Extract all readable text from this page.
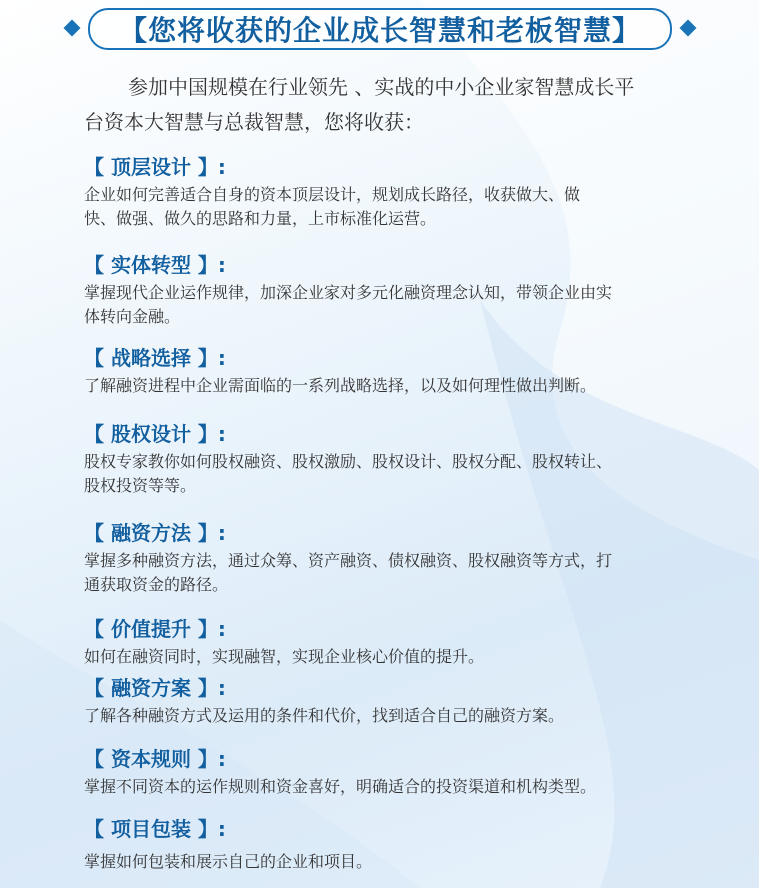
【您将收获的企业成长智慧和老板智慧】
参加中国规模在行业领先 、实战的中小企业家智慧成长平
台资本大智慧与总裁智慧，您将收获：
【 顶层设计 】:
企业如何完善适合自身的资本顶层设计，规划成长路径，收获做大、做
快、做强、做久的思路和力量，上市标准化运营。
【 实体转型 】:
掌握现代企业运作规律，加深企业家对多元化融资理念认知，带领企业由实
体转向金融。
【 战略选择 】:
了解融资进程中企业需面临的一系列战略选择，以及如何理性做出判断。
【 股权设计 】:
股权专家教你如何股权融资、股权激励、股权设计、股权分配、股权转让、
股权投资等等。
【 融资方法 】:
掌握多种融资方法，通过众筹、资产融资、债权融资、股权融资等方式，打
通获取资金的路径。
【 价值提升 】:
如何在融资同时，实现融智，实现企业核心价值的提升。
【 融资方案 】:
了解各种融资方式及运用的条件和代价，找到适合自己的融资方案。
【 资本规则 】:
掌握不同资本的运作规则和资金喜好，明确适合的投资渠道和机构类型。
【 项目包装 】:
掌握如何包装和展示自己的企业和项目。
